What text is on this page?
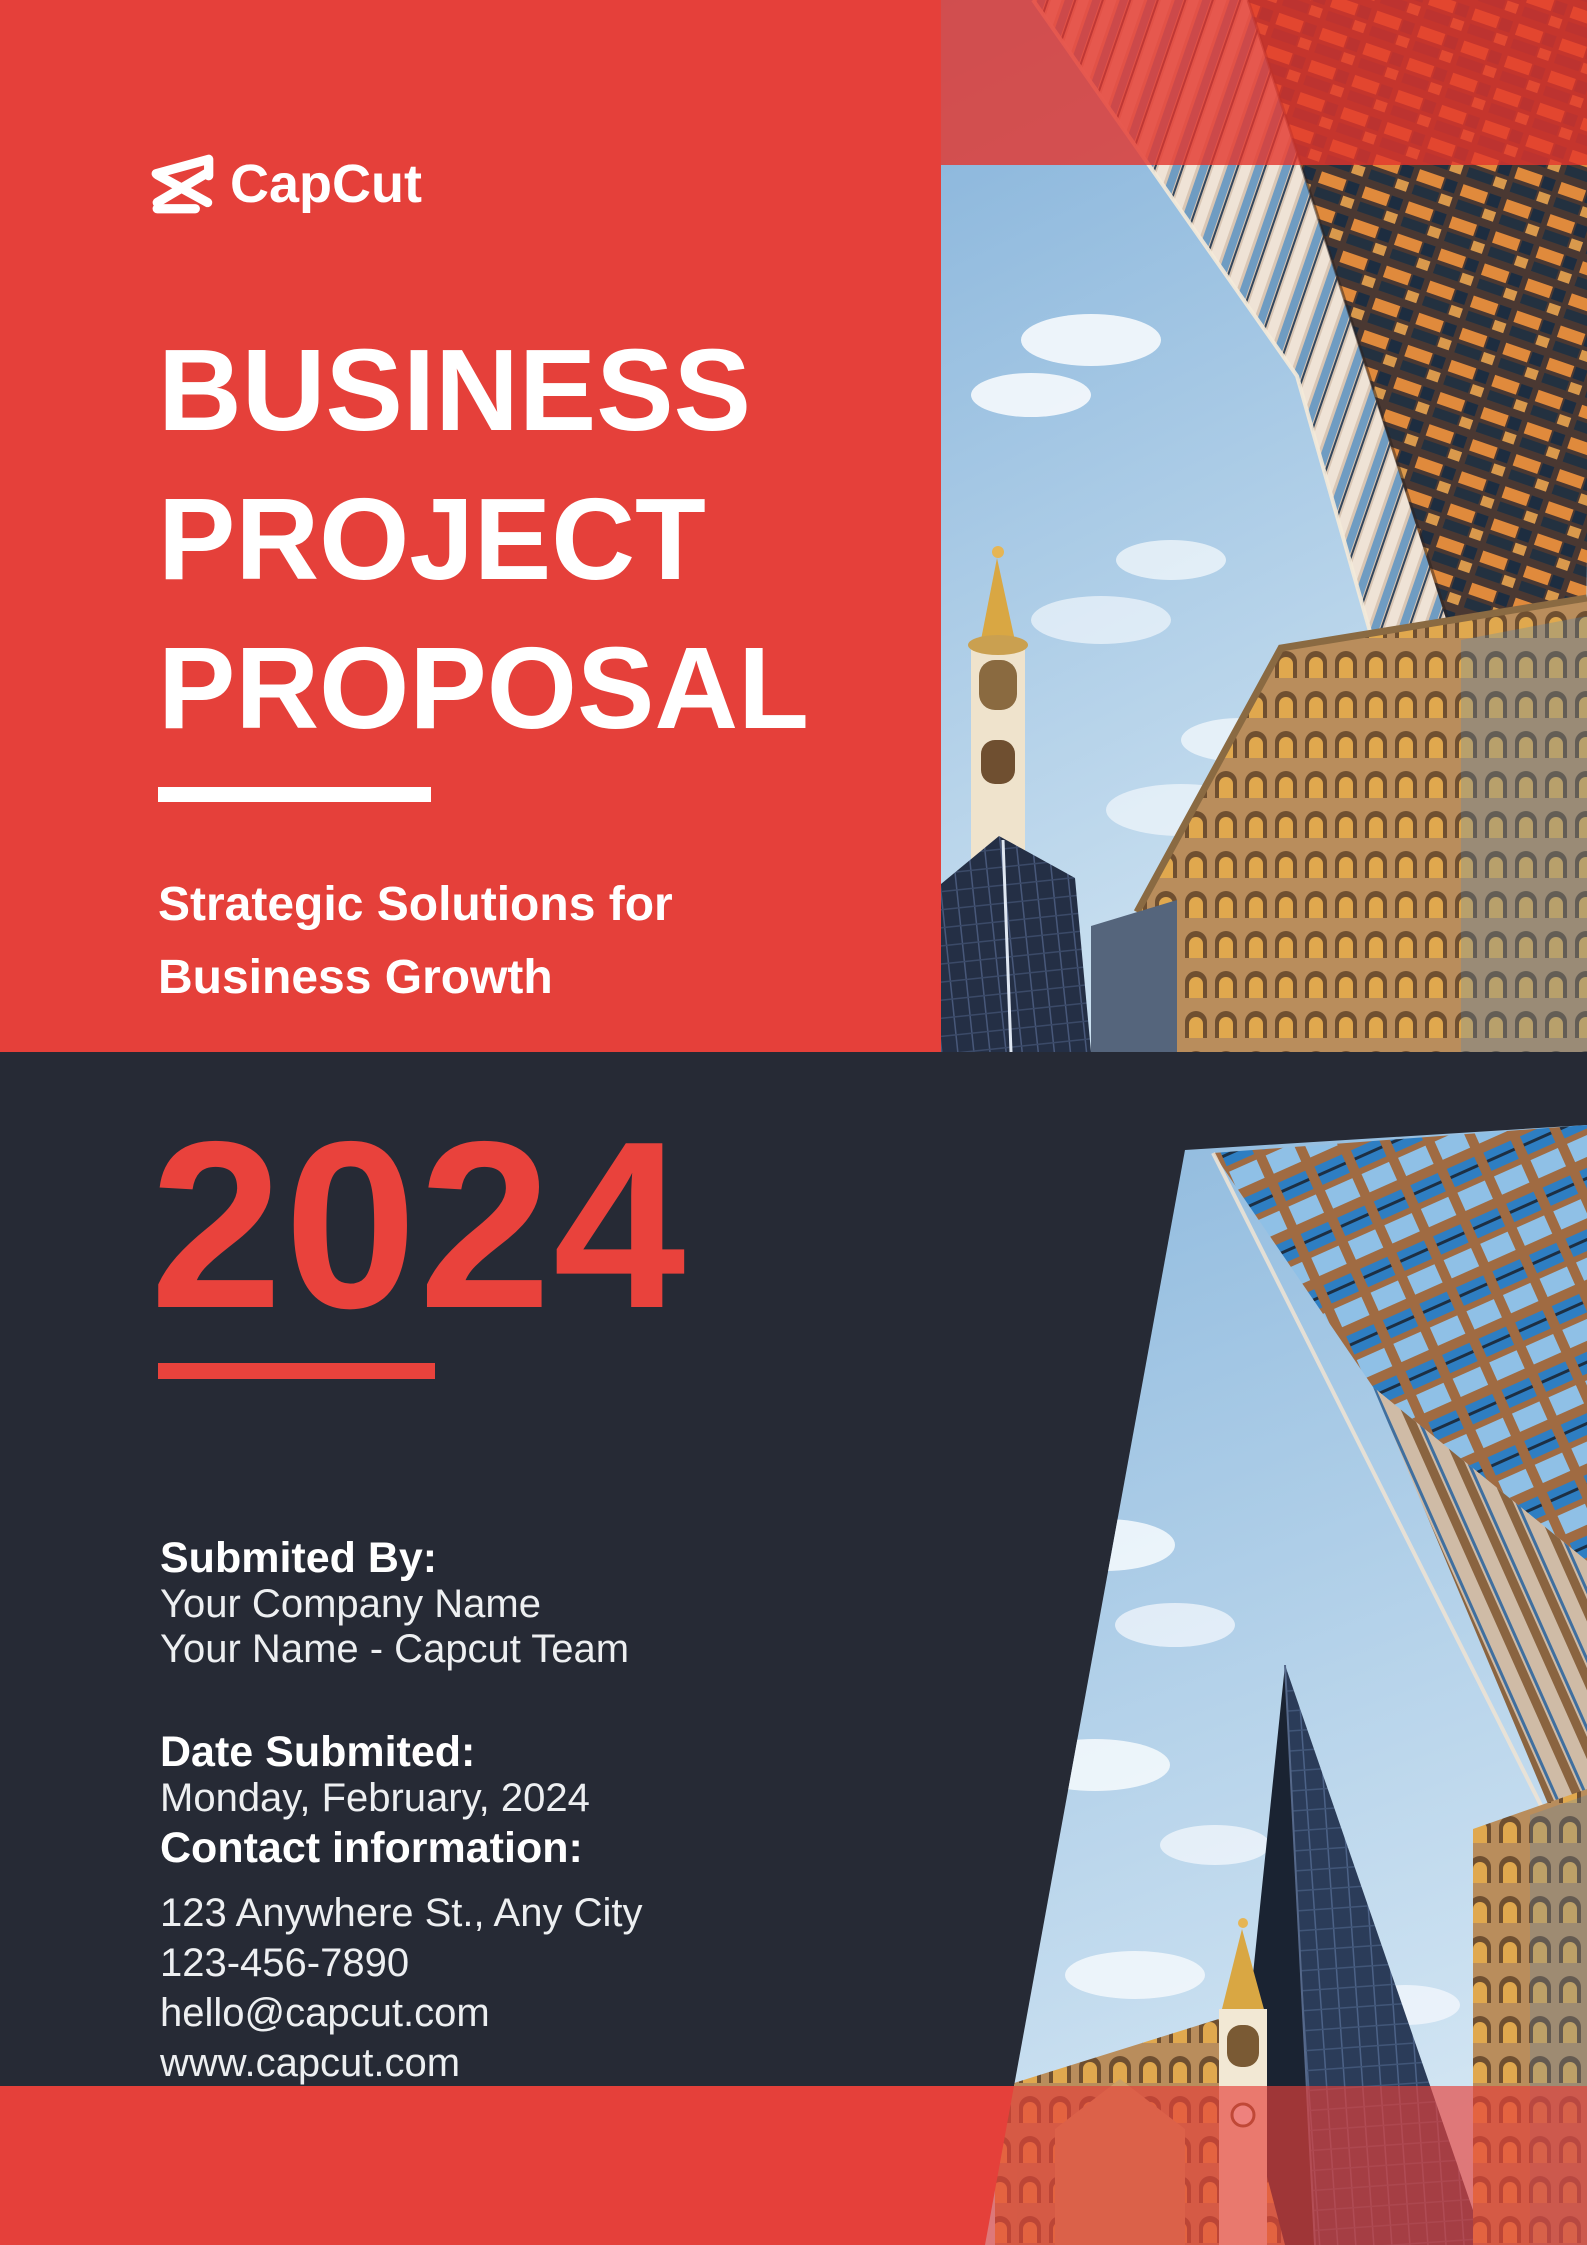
CapCut
BUSINESS
PROJECT
PROPOSAL
Strategic Solutions for
Business Growth
2024
Submited By:
Your Company Name
Your Name - Capcut Team
Date Submited:
Monday, February, 2024
Contact information:
123 Anywhere St., Any City
123-456-7890
hello@capcut.com
www.capcut.com
